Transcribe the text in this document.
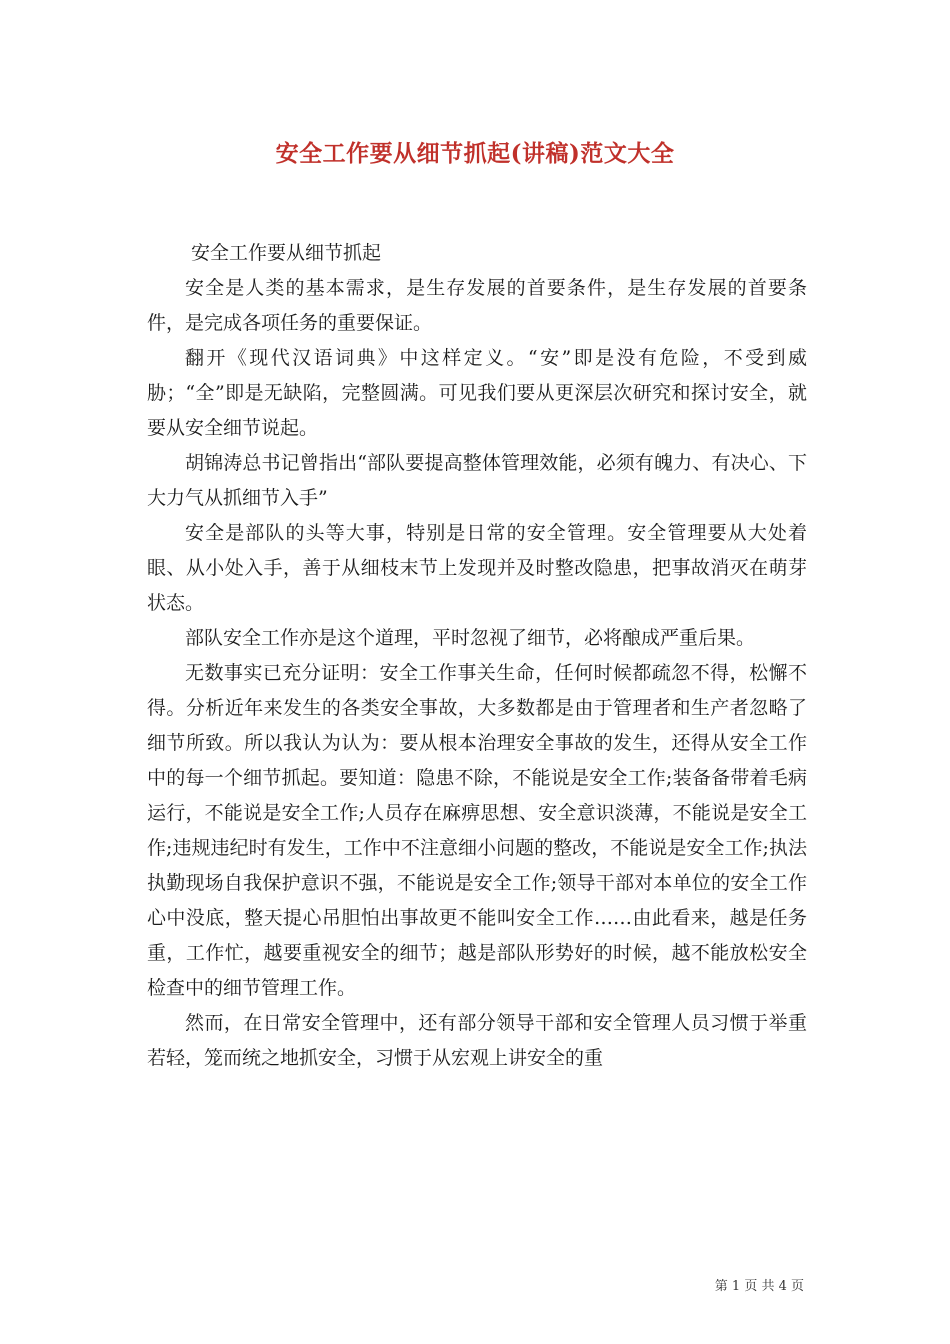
安全工作要从细节抓起(讲稿)范文大全

安全工作要从细节抓起

安全是人类的基本需求，是生存发展的首要条件，是生存发展的首要条件，是完成各项任务的重要保证。

翻开《现代汉语词典》中这样定义。“安”即是没有危险，不受到威胁；“全”即是无缺陷，完整圆满。可见我们要从更深层次研究和探讨安全，就要从安全细节说起。

胡锦涛总书记曾指出“部队要提高整体管理效能，必须有魄力、有决心、下大力气从抓细节入手”

安全是部队的头等大事，特别是日常的安全管理。安全管理要从大处着眼、从小处入手，善于从细枝末节上发现并及时整改隐患，把事故消灭在萌芽状态。

部队安全工作亦是这个道理，平时忽视了细节，必将酿成严重后果。

无数事实已充分证明：安全工作事关生命，任何时候都疏忽不得，松懈不得。分析近年来发生的各类安全事故，大多数都是由于管理者和生产者忽略了细节所致。所以我认为认为：要从根本治理安全事故的发生，还得从安全工作中的每一个细节抓起。要知道：隐患不除，不能说是安全工作;装备备带着毛病运行，不能说是安全工作;人员存在麻痹思想、安全意识淡薄，不能说是安全工作;违规违纪时有发生，工作中不注意细小问题的整改，不能说是安全工作;执法执勤现场自我保护意识不强，不能说是安全工作;领导干部对本单位的安全工作心中没底，整天提心吊胆怕出事故更不能叫安全工作……由此看来，越是任务重，工作忙，越要重视安全的细节；越是部队形势好的时候，越不能放松安全检查中的细节管理工作。

然而，在日常安全管理中，还有部分领导干部和安全管理人员习惯于举重若轻，笼而统之地抓安全，习惯于从宏观上讲安全的重

第 1 页 共 4 页
